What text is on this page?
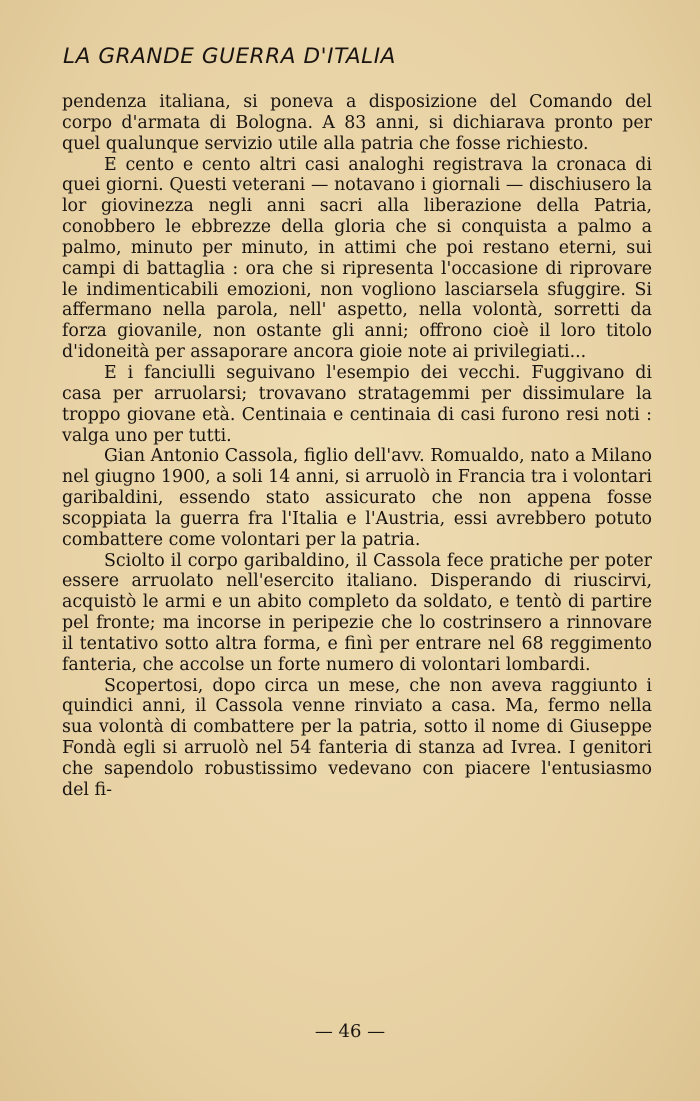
LA GRANDE GUERRA D'ITALIA

pendenza italiana, si poneva a disposizione del Comando del corpo d'armata di Bologna. A 83 anni, si dichiarava pronto per quel qualunque servizio utile alla patria che fosse richiesto.

E cento e cento altri casi analoghi registrava la cronaca di quei giorni. Questi veterani — notavano i giornali — dischiusero la lor giovinezza negli anni sacri alla liberazione della Patria, conobbero le ebbrezze della gloria che si conquista a palmo a palmo, minuto per minuto, in attimi che poi restano eterni, sui campi di battaglia : ora che si ripresenta l'occasione di riprovare le indimenticabili emozioni, non vogliono lasciarsela sfuggire. Si affermano nella parola, nell' aspetto, nella volontà, sorretti da forza giovanile, non ostante gli anni; offrono cioè il loro titolo d'idoneità per assaporare ancora gioie note ai privilegiati...

E i fanciulli seguivano l'esempio dei vecchi. Fuggivano di casa per arruolarsi; trovavano stratagemmi per dissimulare la troppo giovane età. Centinaia e centinaia di casi furono resi noti : valga uno per tutti.

Gian Antonio Cassola, figlio dell'avv. Romualdo, nato a Milano nel giugno 1900, a soli 14 anni, si arruolò in Francia tra i volontari garibaldini, essendo stato assicurato che non appena fosse scoppiata la guerra fra l'Italia e l'Austria, essi avrebbero potuto combattere come volontari per la patria.

Sciolto il corpo garibaldino, il Cassola fece pratiche per poter essere arruolato nell'esercito italiano. Disperando di riuscirvi, acquistò le armi e un abito completo da soldato, e tentò di partire pel fronte; ma incorse in peripezie che lo costrinsero a rinnovare il tentativo sotto altra forma, e finì per entrare nel 68 reggimento fanteria, che accolse un forte numero di volontari lombardi.

Scopertosi, dopo circa un mese, che non aveva raggiunto i quindici anni, il Cassola venne rinviato a casa. Ma, fermo nella sua volontà di combattere per la patria, sotto il nome di Giuseppe Fondà egli si arruolò nel 54 fanteria di stanza ad Ivrea. I genitori che sapendolo robustissimo vedevano con piacere l'entusiasmo del fi-

— 46 —
